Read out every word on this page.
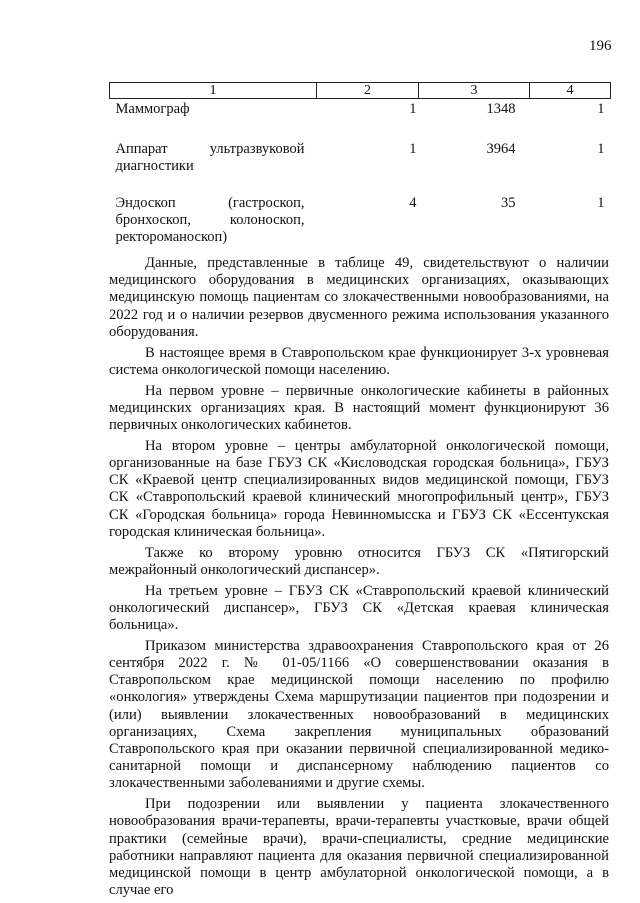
196
1	2	3	4
Маммограф	1	1348	1
Аппарат ультразвуковой диагностики	1	3964	1
Эндоскоп (гастроскоп, бронхоскоп, колоноскоп, ректороманоскоп)	4	35	1

Данные, представленные в таблице 49, свидетельствуют о наличии медицинского оборудования в медицинских организациях, оказывающих медицинскую помощь пациентам со злокачественными новообразованиями, на 2022 год и о наличии резервов двусменного режима использования указанного оборудования.

В настоящее время в Ставропольском крае функционирует 3-х уровневая система онкологической помощи населению.

На первом уровне – первичные онкологические кабинеты в районных медицинских организациях края. В настоящий момент функционируют 36 первичных онкологических кабинетов.

На втором уровне – центры амбулаторной онкологической помощи, организованные на базе ГБУЗ СК «Кисловодская городская больница», ГБУЗ СК «Краевой центр специализированных видов медицинской помощи, ГБУЗ СК «Ставропольский краевой клинический многопрофильный центр», ГБУЗ СК «Городская больница» города Невинномысска и ГБУЗ СК «Ессентукская городская клиническая больница».

Также ко второму уровню относится ГБУЗ СК «Пятигорский межрайонный онкологический диспансер».

На третьем уровне – ГБУЗ СК «Ставропольский краевой клинический онкологический диспансер», ГБУЗ СК «Детская краевая клиническая больница».

Приказом министерства здравоохранения Ставропольского края от 26 сентября 2022 г. № 01-05/1166 «О совершенствовании оказания в Ставропольском крае медицинской помощи населению по профилю «онкология» утверждены Схема маршрутизации пациентов при подозрении и (или) выявлении злокачественных новообразований в медицинских организациях, Схема закрепления муниципальных образований Ставропольского края при оказании первичной специализированной медико-санитарной помощи и диспансерному наблюдению пациентов со злокачественными заболеваниями и другие схемы.

При подозрении или выявлении у пациента злокачественного новообразования врачи-терапевты, врачи-терапевты участковые, врачи общей практики (семейные врачи), врачи-специалисты, средние медицинские работники направляют пациента для оказания первичной специализированной медицинской помощи в центр амбулаторной онкологической помощи, а в случае его
